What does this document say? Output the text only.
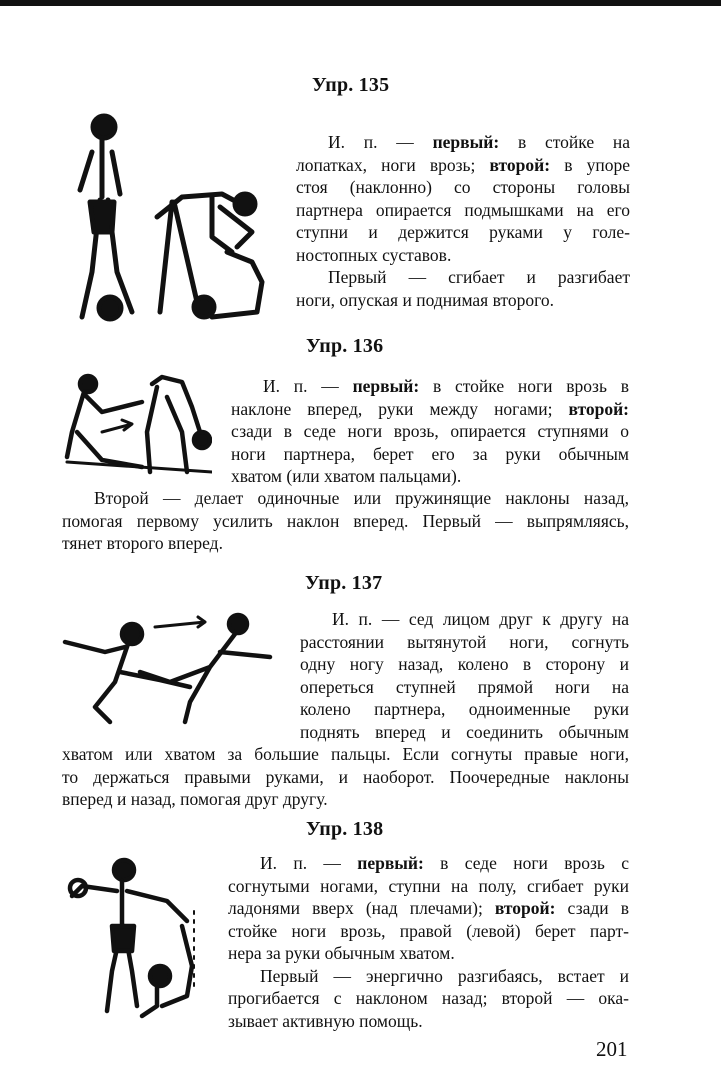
Упр. 135
И. п. — первый: в стойке на
лопатках, ноги врозь; второй: в упоре
стоя (наклонно) со стороны головы
партнера опирается подмышками на его
ступни и держится руками у голе-
ностопных суставов.
Первый — сгибает и разгибает
ноги, опуская и поднимая второго.
Упр. 136
И. п. — первый: в стойке ноги врозь в
наклоне вперед, руки между ногами; второй:
сзади в седе ноги врозь, опирается ступнями о
ноги партнера, берет его за руки обычным
хватом (или хватом пальцами).
Второй — делает одиночные или пружинящие наклоны назад,
помогая первому усилить наклон вперед. Первый — выпрямляясь,
тянет второго вперед.
Упр. 137
И. п. — сед лицом друг к другу на
расстоянии вытянутой ноги, согнуть
одну ногу назад, колено в сторону и
опереться ступней прямой ноги на
колено партнера, одноименные руки
поднять вперед и соединить обычным
хватом или хватом за большие пальцы. Если согнуты правые ноги,
то держаться правыми руками, и наоборот. Поочередные наклоны
вперед и назад, помогая друг другу.
Упр. 138
И. п. — первый: в седе ноги врозь с
согнутыми ногами, ступни на полу, сгибает руки
ладонями вверх (над плечами); второй: сзади в
стойке ноги врозь, правой (левой) берет парт-
нера за руки обычным хватом.
Первый — энергично разгибаясь, встает и
прогибается с наклоном назад; второй — ока-
зывает активную помощь.
201
